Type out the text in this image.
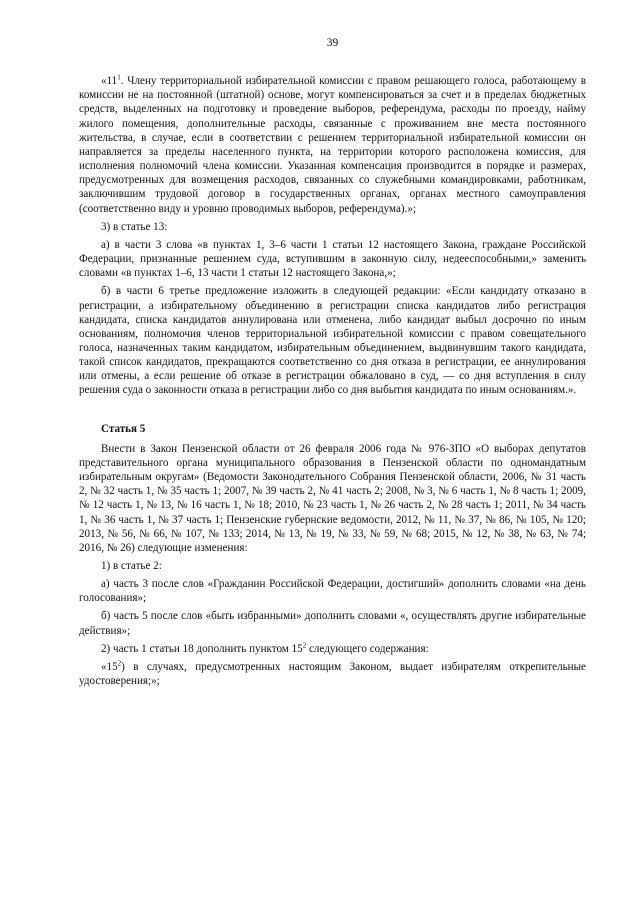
39

«$11^1$. Члену территориальной избирательной комиссии с правом решающего голоса, работающему в комиссии не на постоянной (штатной) основе, могут компенсироваться за счет и в пределах бюджетных средств, выделенных на подготовку и проведение выборов, референдума, расходы по проезду, найму жилого помещения, дополнительные расходы, связанные с проживанием вне места постоянного жительства, в случае, если в соответствии с решением территориальной избирательной комиссии он направляется за пределы населенного пункта, на территории которого расположена комиссия, для исполнения полномочий члена комиссии. Указанная компенсация производится в порядке и размерах, предусмотренных для возмещения расходов, связанных со служебными командировками, работникам, заключившим трудовой договор в государственных органах, органах местного самоуправления (соответственно виду и уровню проводимых выборов, референдума).»;

3) в статье 13:

а) в части 3 слова «в пунктах 1, 3–6 части 1 статьи 12 настоящего Закона, граждане Российской Федерации, признанные решением суда, вступившим в законную силу, недееспособными,» заменить словами «в пунктах 1–6, 13 части 1 статьи 12 настоящего Закона,»;

б) в части 6 третье предложение изложить в следующей редакции: «Если кандидату отказано в регистрации, а избирательному объединению в регистрации списка кандидатов либо регистрация кандидата, списка кандидатов аннулирована или отменена, либо кандидат выбыл досрочно по иным основаниям, полномочия членов территориальной избирательной комиссии с правом совещательного голоса, назначенных таким кандидатом, избирательным объединением, выдвинувшим такого кандидата, такой список кандидатов, прекращаются соответственно со дня отказа в регистрации, ее аннулирования или отмены, а если решение об отказе в регистрации обжаловано в суд, — со дня вступления в силу решения суда о законности отказа в регистрации либо со дня выбытия кандидата по иным основаниям.».

Статья 5

Внести в Закон Пензенской области от 26 февраля 2006 года № 976-ЗПО «О выборах депутатов представительного органа муниципального образования в Пензенской области по одномандатным избирательным округам» (Ведомости Законодательного Собрания Пензенской области, 2006, № 31 часть 2, № 32 часть 1, № 35 часть 1; 2007, № 39 часть 2, № 41 часть 2; 2008, № 3, № 6 часть 1, № 8 часть 1; 2009, № 12 часть 1, № 13, № 16 часть 1, № 18; 2010, № 23 часть 1, № 26 часть 2, № 28 часть 1; 2011, № 34 часть 1, № 36 часть 1, № 37 часть 1; Пензенские губернские ведомости, 2012, № 11, № 37, № 86, № 105, № 120; 2013, № 56, № 66, № 107, № 133; 2014, № 13, № 19, № 33, № 59, № 68; 2015, № 12, № 38, № 63, № 74; 2016, № 26) следующие изменения:

1) в статье 2:

а) часть 3 после слов «Гражданин Российской Федерации, достигший» дополнить словами «на день голосования»;

б) часть 5 после слов «быть избранными» дополнить словами «, осуществлять другие избирательные действия»;

2) часть 1 статьи 18 дополнить пунктом $15^2$ следующего содержания:

«$15^2$) в случаях, предусмотренных настоящим Законом, выдает избирателям открепительные удостоверения;»;
